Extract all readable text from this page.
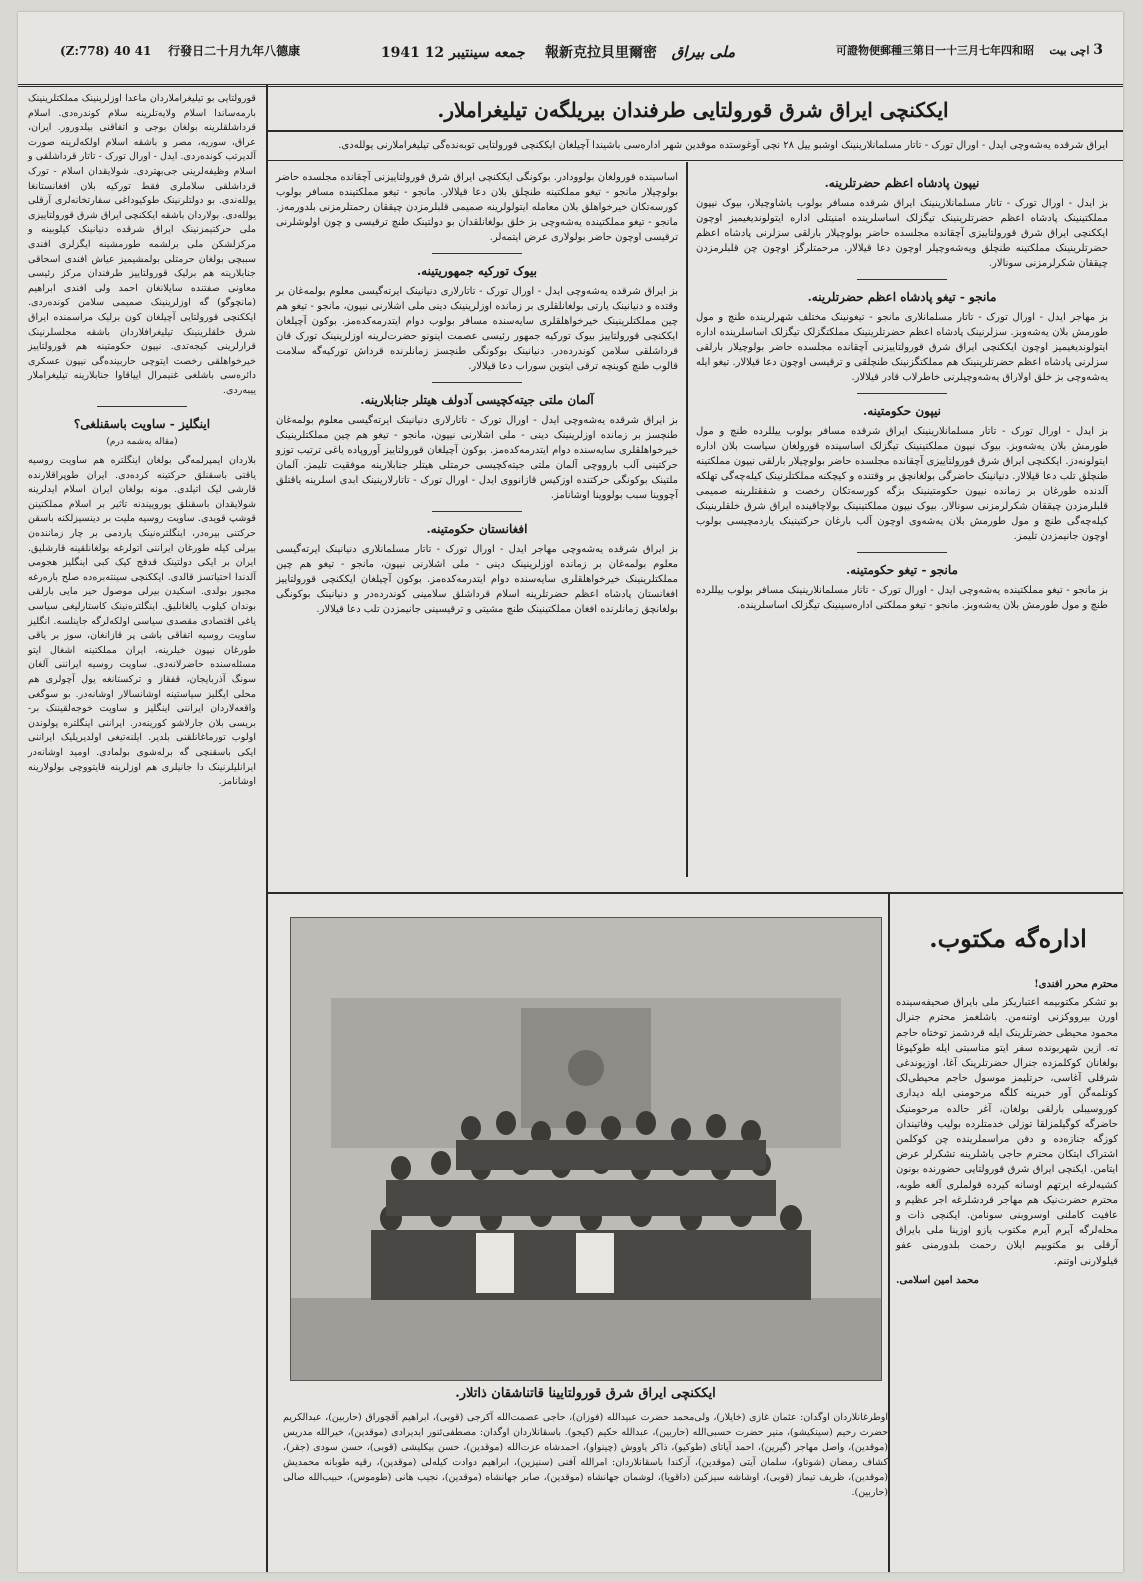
(Z:778) 40 41 行發日二十月九年八德康	جمعه سینتیبر 12 1941 報新克拉貝里爾密 ملی بیراق	可證物便郵種三第日一十三月七年四和昭 اچی بیت 3
ایککنچی ایراق شرق قورولتایی طرفندان بیریلگه‌ن تیلیغراملار.
ایراق شرقده یه‌شه‌وچی ایدل - اورال تورک - تاتار مسلمانلارینینک اوشبو ییل ۲۸ نچی آوغوستده موقدین شهر اداره‌سی باشیندا آچیلغان ایککنچی قورولتایی توبه‌نده‌گی تیلیغراملارنی یولله‌دی.
نیپون پادشاه اعظم حضرتلرینه.

بز ایدل - اورال تورک - تاتار مسلمانلارینینک ایراق شرقده مسافر بولوب یاشاوچیلار، بیوک نیپون مملکتینینک پادشاه اعظم حضرتلرینینک تیگزلک اساسلرینده امنیتلی اداره ایتولوندیغیمیز اوچون ایککنچی ایراق شرق قورولتاییزی آچقانده مجلسده حاضر بولوچیلار بارلقی سزلرنی پادشاه اعظم حضرتلرینینک مملکتینه طنچلق ویه‌شه‌وچیلر اوچون دعا قیلالار. مرحمتلرگز اوچون چن قلبلرمزدن چیققان شکرلرمزنی سونالار.

مانجو - تیغو پادشاه اعظم حضرتلرینه.

بز مهاجر ایدل - اورال تورک - تاتار مسلمانلاری مانجو - تیغونینک مختلف شهرلرینده طنچ و مول طورمش بلان یه‌شه‌وبز. سزلرنینک پادشاه اعظم حضرتلرینینک مملکتگزلک تیگزلک اساسلرینده اداره ایتولوندیغیمیز اوچون ایککنچی ایراق شرق قورولتاییزنی آچقانده مجلسده حاضر بولوچیلار بارلقی سزلرنی پادشاه اعظم حضرتلرینینک هم مملکتگزنینک طنچلقی و ترقیسی اوچون دعا قیلالار. تیغو ایله یه‌شه‌وچی بز خلق اولاراق یه‌شه‌وچیلرنی خاطرلاب قادر قیلالار.

نیپون حکومتینه.

بز ایدل - اورال تورک - تاتار مسلمانلارینینک ایراق شرقده مسافر بولوب ییللرده طنچ و مول طورمش بلان یه‌شه‌وبز. بیوک نیپون مملکتینینک تیگزلک اساسینده قورولغان سیاست بلان اداره ایتولونه‌دز. ایککنچی ایراق شرق قورولتاییزی آچقانده مجلسده حاضر بولوچیلار بارلقی نیپون مملکتینه طنچلق تلب دعا قیلالار. دنیانینک حاضرگی بولغانچق بر وقتنده و کیچکنه مملکتلرنینک کیله‌چه‌گی تهلکه آلدنده طورغان بر زمانده نیپون حکومتینینک بزگه کورسه‌تکان رخصت و شفقتلرینه صمیمی قلبلرمزدن چیققان شکرلرمزنی سونالار. بیوک نیپون مملکتینینک بولاچاقینده ایراق شرق خلقلرینینک کیله‌چه‌گی طنچ و مول طورمش بلان یه‌شه‌وی اوچون آلب بارغان حرکتینینک یاردمچیسی بولوب اوچون جانیمزدن تلیمز.

مانجو - تیغو حکومتینه.

بز مانجو - تیغو مملکتینده یه‌شه‌وچی ایدل - اورال تورک - تاتار مسلمانلارینینک مسافر بولوب ییللرده طنچ و مول طورمش بلان یه‌شه‌وبز. مانجو - تیغو مملکتی اداره‌سینینک تیگزلک اساسلرینده.

اساسینده قورولغان بولوودادر. بوکونگی ایککنچی ایراق شرق قورولتاییزنی آچقانده مجلسده حاضر بولوچیلار مانجو - تیغو مملکتینه طنچلق بلان دعا قیلالار. مانجو - تیغو مملکتینده مسافر بولوب کورسه‌تکان خیرخواهلق بلان معامله ایتولولرینه صمیمی قلبلرمزدن چیققان رحمتلرمزنی بلدورمه‌ز. مانجو - تیغو مملکتینده یه‌شه‌وچی بز خلق بولغانلقدان بو دولتینک طنچ ترقیسی و چون اولوشلرنی ترقیسی اوچون حاضر بولولاری عرض ایتمه‌لر.

بیوک تورکیه جمهوریتینه.

بز ایراق شرقده یه‌شه‌وچی ایدل - اورال تورک - تاتارلاری دنیانینک ایرته‌گیسی معلوم بولمه‌غان بر وقتده و دنیانینک یارتی بولغانلقلری بر زمانده اوزلرینینک دینی ملی اشلارنی نیپون، مانجو - تیغو هم چین مملکتلرینینک خیرخواهلقلری سایه‌سنده مسافر بولوب دوام ایتدرمه‌کده‌مز. بوکون آچیلغان ایککنچی قورولتاییز بیوک تورکیه جمهور رئیسی عصمت اینونو حضرت‌لرینه اوزلرینینک تورک قان قرداشلقی سلامن کوندرده‌در. دنیانینک بوکونگی طنچسز زمانلرنده قرداش تورکیه‌گه سلامت قالوب طنچ کوینچه ترقی ایتوین سوراب دعا قیلالار.

آلمان ملتی جیته‌کچیسی آدولف هیتلر جنابلارینه.

بز ایراق شرقده یه‌شه‌وچی ایدل - اورال تورک - تاتارلاری دنیانینک ایرته‌گیسی معلوم بولمه‌غان طنچسز بر زمانده اوزلرینینک دینی - ملی اشلارنی نیپون، مانجو - تیغو هم چین مملکتلرینینک خیرخواهلقلری سایه‌سنده دوام ایتدرمه‌کده‌مز. بوکون آچیلغان قورولتاییز آوروپاده یاغی ترتیب توزو حرکتینی آلب بارووچی آلمان ملتی جیته‌کچیسی حرمتلی هیتلر جنابلارینه موفقیت تلیمز. آلمان ملتینک بوکونگی حرکتنده اوزکیس قازانووی ایدل - اورال تورک - تاتارلارینینک ابدی اسلرینه یاقتلق آچووینا سبب بولووینا اوشانامز.

افغانستان حکومتینه.

بز ایراق شرقده یه‌شه‌وچی مهاجر ایدل - اورال تورک - تاتار مسلمانلاری دنیانینک ایرته‌گیسی معلوم بولمه‌غان بر زمانده اوزلرینینک دینی - ملی اشلارنی نیپون، مانجو - تیغو هم چین مملکتلرینینک خیرخواهلقلری سایه‌سنده دوام ایتدرمه‌کده‌مز. بوکون آچیلغان ایککنچی قورولتاییز افغانستان پادشاه اعظم حضرتلرینه اسلام قرداشلق سلامینی کوندرده‌در و دنیانینک بوکونگی بولغانچق زمانلرنده افغان مملکتینینک طنچ مشیتی و ترقیسینی جانیمزدن تلب دعا قیلالار.

قورولتایی بو تیلیغراملاردان ماعدا اوزلرینینک مملکتلرینینک بارمه‌ساندا اسلام ولایه‌تلرینه سلام کوندره‌دی. اسلام قرداشلقلرینه بولغان بوجی و اتفاقنی بیلدورور. ایران، عراق، سوریه، مصر و باشقه اسلام اولکه‌لرینه صورت آلدیرتب کونده‌ردی. ایدل - اورال تورک - تاتار قرداشلقی و اسلام وظیفه‌لرینی جی‌بهتردی. شولایقدان اسلام - تورک قرداشلقی سلاملری فقط تورکیه بلان افغانستانغا یولله‌ندی. بو دولتلرنینک طوکیوداغی سفارتخانه‌لری آرقلی یولله‌دی. بولاردان باشقه ایککنچی ایراق شرق قورولتاییزی ملی حرکتیمزنینک ایراق شرقده دنیانینک کیلوبینه و مرکزلشکن ملی برلشمه طورمشینه ایگزلری افندی سببچی بولغان حرمتلی بولمشیمیز عیاش افندی اسحاقی جنابلارینه هم برلیک قورولتاییز طرفندان مرکز رئیسی معاونی صفتنده سایلانغان احمد ولی افندی ابراهیم (مانچوگو) گه اوزلرینینک صمیمی سلامن کونده‌ردی. ایککنچی قورولتایی آچیلغان کون برلیک مراسمنده ایراق شرق خلقلرینینک تیلیغرافلاردان باشقه مجلسلرنینک قرارلرینی کیجه‌تدی. نیپون حکومتینه هم قورولتاییز خیرخواهلقی رخصت ایتوچی حاربینده‌گی نیپون عسکری دائره‌سی باشلغی غنیمرال اییاقاوا جنابلارینه تیلیغراملار ییبه‌ردی.

اینگلیز - ساویت باسقنلغی؟
(مقاله یه‌شمه درم)

بلاردان ایمپرلمه‌گی بولغان اینگلتره هم ساویت روسیه یاقتی باسقنلق حرکتینه کرده‌دی. ایران طوپراقلارنده قارشی لیک اتیلدی. مونه بولغان ایران اسلام ایدلرینه شولایقدان باسقنلق یوروییندنه تاثیر بر اسلام مملکتینن قوشپ قویدی. ساویت روسیه ملیت بر دینسیزلکنه باسقن حرکتنی بیره‌در، اینگلتره‌نینک یاردمی بر چار زماننده‌ن بیرلی کیله طورغان ایراننی اتولرغه بولغانلقینه قارشلیق. ایران بر ایکی دولتینک قدقج کیک کبی اینگلیز هجومی آلدندا احتیاتسز قالدی. ایککنچی سینته‌بره‌ده صلح باره‌رغه مجبور بولدی. اسکیدن بیرلی موصول حیر مایی بارلقی بوندان کیلوب یالغانلیق. اینگلتره‌نینک کاستارلیغی سیاسی یاغی اقتصادی مقصدی سیاسی اولکه‌لرگه جاینلسه. انگلیز ساویت روسیه اتفاقی باشی پر قازانغان، سوز بر یاقی طورغان نیپون خیلرینه، ایران مملکتینه اشغال ایتو مسئله‌سنده حاضرلانه‌دی. ساویت روسیه ایراننی آلغان سونگ آذربایجان، قفقاز و ترکستانغه یول آچولری هم محلی ایگلیز سیاستینه اوشانسالار اوشانه‌در. بو سوگغی واقعه‌لاردان ایراننی اینگلیز و ساویت خوجه‌لقیننک بر-بریسی بلان جارلاشو کورینه‌در. ایراننی اینگلتره یولوندن اولوب تورماغانلقنی بلدیر. ایلنه‌تیغی اولدیریلیک ایراننی ایکی باسقنچی گه برله‌شوی بولمادی. اومید اوشانه‌در ایرانلیلرنینک دا جانیلری هم اوزلرینه قایتووچی بولولارینه اوشانامز.

ایککنچی ایراق شرق قورولتایینا قاتناشقان ذاتلار.
اوطرغانلاردان اوگدان: عثمان غازی (خایلار)، ولی‌محمد حضرت عبیدالله (فوزان)، حاجی عصمت‌الله آکرجی (قوبی)، ابراهیم آقچوراق (حاربین)، عبدالکریم حضرت رحیم (سینکیشو)، منیر حضرت حسبی‌الله (حاربین)، عبدالله حکیم (کیجو). باسقانلاردان اوگدان: مصطفی‌ئنور ایدیرادی (موقدین)، خیرالله مدریس (موقدین)، واصل مهاجر (گیرین)، احمد آیاتای (طوکیو)، ذاکر یاووش (چینواو)، احمدشاه عزت‌الله (موقدین)، حسن بیکلیشی (قوبی)، حسن سودی (جقر)، کشاف رمضان (شوتاو)، سلمان آیتی (موقدین)، آزکندا باسقانلاردان: امرالله آفنی (سنیزین)، ابراهیم دوادت کیله‌لی (موقدین)، رقیه طوبانه محمدیش (موقدین)، ظریف تیماز (قوبی)، اوشاشه سیزکین (داقویا)، لوشمان جهانشاه (موقدین)، صابر جهانشاه (موقدین)، نجیب هانی (طوموس)، حبیب‌الله صالی (حاربین).
اداره‌گه مکتوب.
محترم محرر افندی!
بو تشکر مکتوبیمه اعتباریکز ملی بایراق صحیفه‌سینده اورن بیرووکزنی اوتنه‌من. باشلغمز محترم جنرال محمود محیطی حضرتلرینک ایله قردشمز توختاه حاجم ته. ازین شهربونده سفر ایتو مناسبتی ایله طوکیوغا بولغانان کوکلمزده جنرال حضرتلرینک آغا، اوزیوندغی شرقلی آغاسی، حرتلیمز موسول حاجم محیطی‌لک کوتلمه‌گن آور خبرینه کلگه مرحومنی ایله دیداری کورو‌سیبلی بارلقی بولغان، آغر حالده مرحومنیک حاضرگه کوگیلمزلقا توزلی خدمتلرده بولیب وفاتیندان کوزگه جنازه‌ده و دفن مراسملرینده چن کوکلمن اشتراک ایتکان محترم حاجی یاشلرینه تشکرلر عرض ایتامن. ایکنچی ایراق شرق قورولتایی حضورنده بونون کشیه‌لرغه ایرتهم اوسانه کیرده قولملری آلغه طوبه، محترم حضرت‌نیک هم مهاجر قردشلرغه اجر عظیم و عافیت کاملنی اوسروبنی سونامن. ایکنچی ذات و محله‌لرگه آیرم آیرم مکتوب یازو اوزینا ملی بایراق آرقلی بو مکتوبیم ایلان رحمت بلدورمنی عفو قیلولارنی اوتنم.
محمد امین اسلامی.
